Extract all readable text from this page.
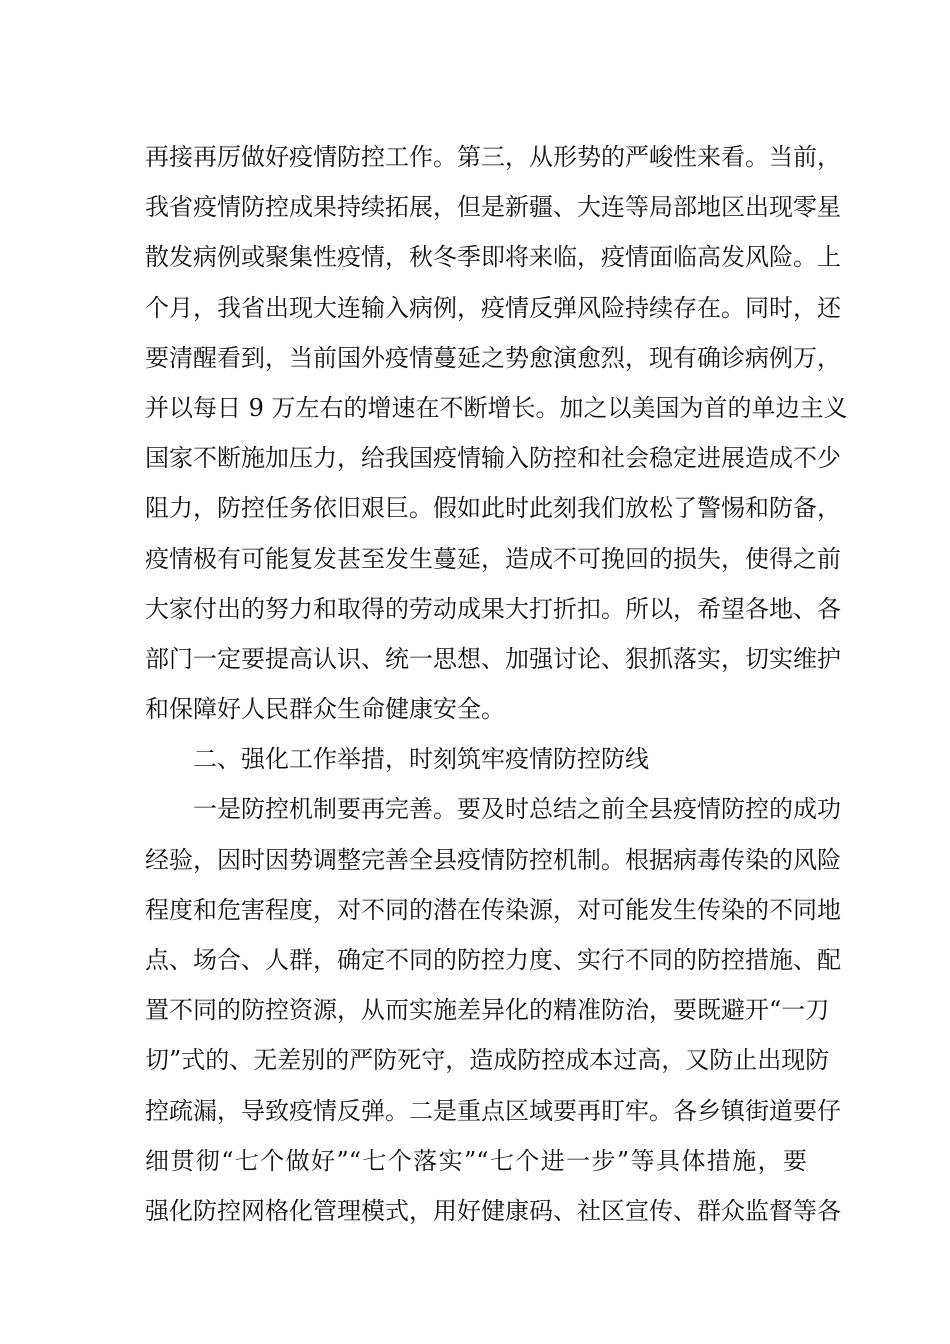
再接再厉做好疫情防控工作。第三，从形势的严峻性来看。当前，
我省疫情防控成果持续拓展，但是新疆、大连等局部地区出现零星
散发病例或聚集性疫情，秋冬季即将来临，疫情面临高发风险。上
个月，我省出现大连输入病例，疫情反弹风险持续存在。同时，还
要清醒看到，当前国外疫情蔓延之势愈演愈烈，现有确诊病例万，
并以每日 9 万左右的增速在不断增长。加之以美国为首的单边主义
国家不断施加压力，给我国疫情输入防控和社会稳定进展造成不少
阻力，防控任务依旧艰巨。假如此时此刻我们放松了警惕和防备，
疫情极有可能复发甚至发生蔓延，造成不可挽回的损失，使得之前
大家付出的努力和取得的劳动成果大打折扣。所以，希望各地、各
部门一定要提高认识、统一思想、加强讨论、狠抓落实，切实维护
和保障好人民群众生命健康安全。
二、强化工作举措，时刻筑牢疫情防控防线
一是防控机制要再完善。要及时总结之前全县疫情防控的成功
经验，因时因势调整完善全县疫情防控机制。根据病毒传染的风险
程度和危害程度，对不同的潜在传染源，对可能发生传染的不同地
点、场合、人群，确定不同的防控力度、实行不同的防控措施、配
置不同的防控资源，从而实施差异化的精准防治，要既避开“一刀
切”式的、无差别的严防死守，造成防控成本过高，又防止出现防
控疏漏，导致疫情反弹。二是重点区域要再盯牢。各乡镇街道要仔
细贯彻“七个做好”“七个落实”“七个进一步”等具体措施，要
强化防控网格化管理模式，用好健康码、社区宣传、群众监督等各
